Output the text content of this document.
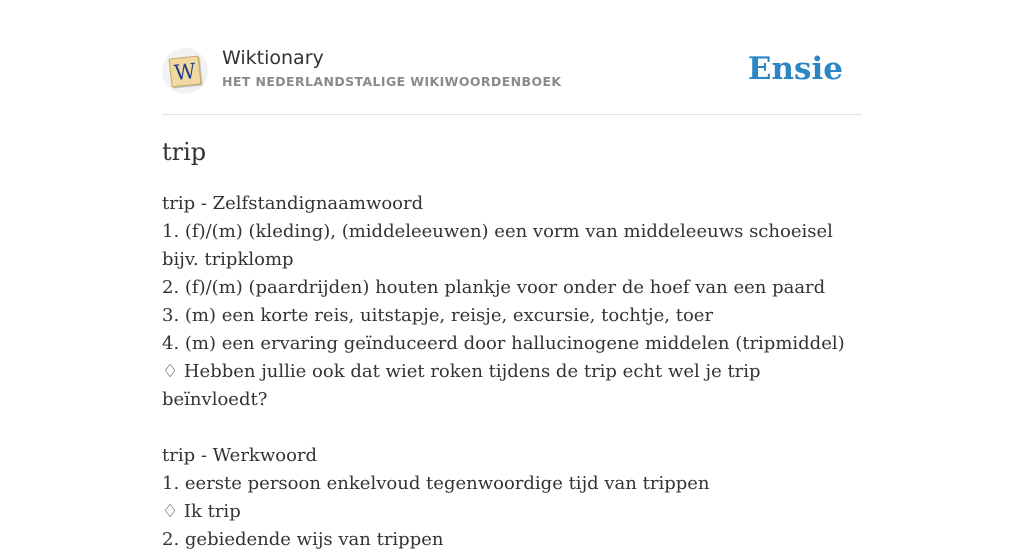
W
Wiktionary
HET NEDERLANDSTALIGE WIKIWOORDENBOEK	Ensie
trip
trip - Zelfstandignaamwoord
1. (f)/(m) (kleding), (middeleeuwen) een vorm van middeleeuws schoeisel bijv. tripklomp
2. (f)/(m) (paardrijden) houten plankje voor onder de hoef van een paard
3. (m) een korte reis, uitstapje, reisje, excursie, tochtje, toer
4. (m) een ervaring geïnduceerd door hallucinogene middelen (tripmiddel)
♢ Hebben jullie ook dat wiet roken tijdens de trip echt wel je trip beïnvloedt?
trip - Werkwoord
1. eerste persoon enkelvoud tegenwoordige tijd van trippen
♢ Ik trip
2. gebiedende wijs van trippen
